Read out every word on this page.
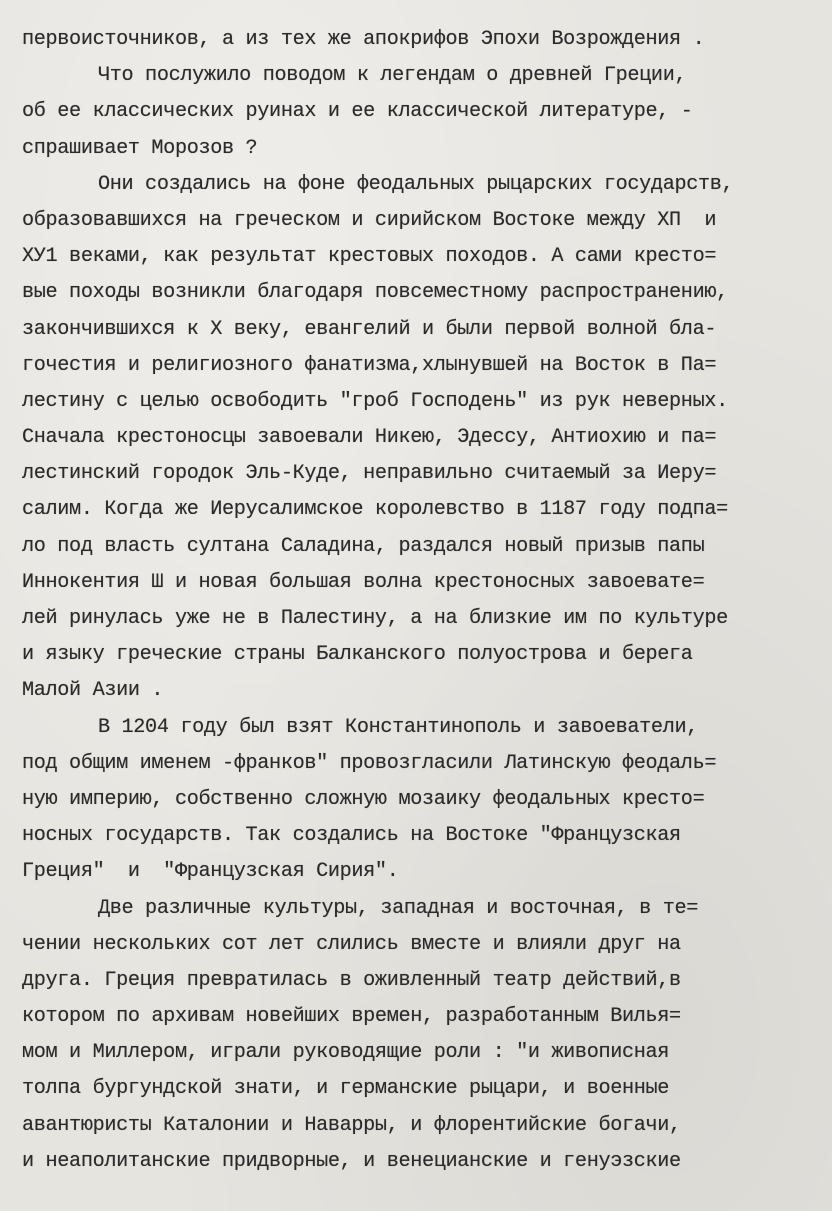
первоисточников, а из тех же апокрифов Эпохи Возрождения .
Что послужило поводом к легендам о древней Греции,
об ее классических руинах и ее классической литературе, -
спрашивает Морозов ?
Они создались на фоне феодальных рыцарских государств,
образовавшихся на греческом и сирийском Востоке между ХП  и
ХУ1 веками, как результат крестовых походов. А сами кресто=
вые походы возникли благодаря повсеместному распространению,
закончившихся к Х веку, евангелий и были первой волной бла-
гочестия и религиозного фанатизма,хлынувшей на Восток в Па=
лестину с целью освободить "гроб Господень" из рук неверных.
Сначала крестоносцы завоевали Никею, Эдессу, Антиохию и па=
лестинский городок Эль-Куде, неправильно считаемый за Иеру=
салим. Когда же Иерусалимское королевство в 1187 году подпа=
ло под власть султана Саладина, раздался новый призыв папы
Иннокентия Ш и новая большая волна крестоносных завоевате=
лей ринулась уже не в Палестину, а на близкие им по культуре
и языку греческие страны Балканского полуострова и берега
Малой Азии .
В 1204 году был взят Константинополь и завоеватели,
под общим именем -франков" провозгласили Латинскую феодаль=
ную империю, собственно сложную мозаику феодальных кресто=
носных государств. Так создались на Востоке "Французская
Греция"  и  "Французская Сирия".
Две различные культуры, западная и восточная, в те=
чении нескольких сот лет слились вместе и влияли друг на
друга. Греция превратилась в оживленный театр действий,в
котором по архивам новейших времен, разработанным Вилья=
мом и Миллером, играли руководящие роли : "и живописная
толпа бургундской знати, и германские рыцари, и военные
авантюристы Каталонии и Наварры, и флорентийские богачи,
и неаполитанские придворные, и венецианские и генуэзские
